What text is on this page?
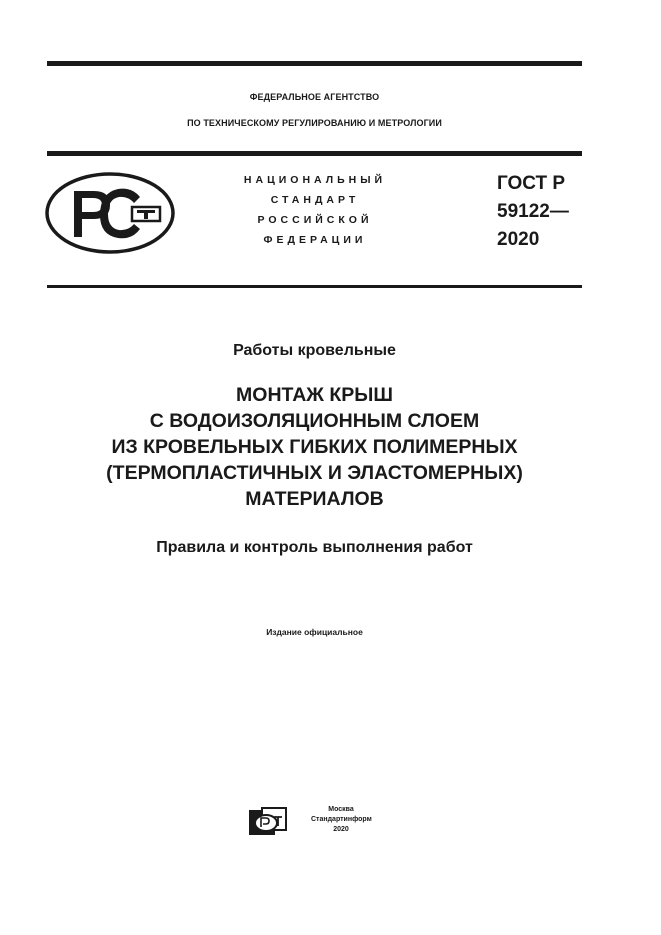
ФЕДЕРАЛЬНОЕ АГЕНТСТВО
ПО ТЕХНИЧЕСКОМУ РЕГУЛИРОВАНИЮ И МЕТРОЛОГИИ
НАЦИОНАЛЬНЫЙ
СТАНДАРТ
РОССИЙСКОЙ
ФЕДЕРАЦИИ
ГОСТ Р
59122—
2020
Работы кровельные
МОНТАЖ КРЫШ
С ВОДОИЗОЛЯЦИОННЫМ СЛОЕМ
ИЗ КРОВЕЛЬНЫХ ГИБКИХ ПОЛИМЕРНЫХ
(ТЕРМОПЛАСТИЧНЫХ И ЭЛАСТОМЕРНЫХ)
МАТЕРИАЛОВ
Правила и контроль выполнения работ
Издание официальное
Москва
Стандартинформ
2020
